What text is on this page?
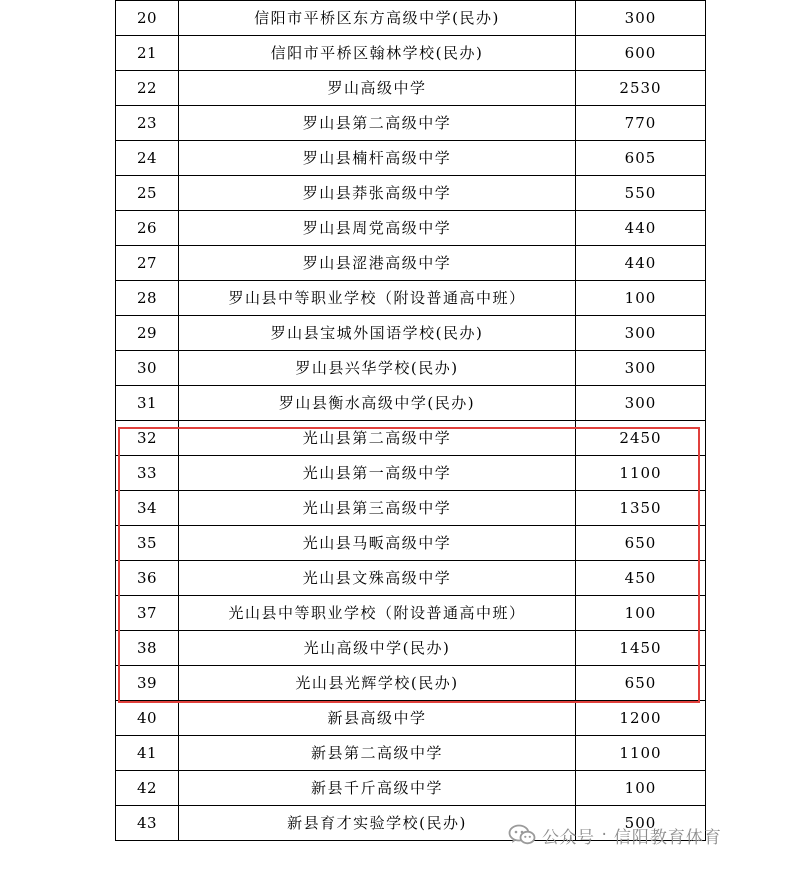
20	信阳市平桥区东方高级中学(民办)	300
21	信阳市平桥区翰林学校(民办)	600
22	罗山高级中学	2530
23	罗山县第二高级中学	770
24	罗山县楠杆高级中学	605
25	罗山县莽张高级中学	550
26	罗山县周党高级中学	440
27	罗山县涩港高级中学	440
28	罗山县中等职业学校（附设普通高中班）	100
29	罗山县宝城外国语学校(民办)	300
30	罗山县兴华学校(民办)	300
31	罗山县衡水高级中学(民办)	300
32	光山县第二高级中学	2450
33	光山县第一高级中学	1100
34	光山县第三高级中学	1350
35	光山县马畈高级中学	650
36	光山县文殊高级中学	450
37	光山县中等职业学校（附设普通高中班）	100
38	光山高级中学(民办)	1450
39	光山县光辉学校(民办)	650
40	新县高级中学	1200
41	新县第二高级中学	1100
42	新县千斤高级中学	100
43	新县育才实验学校(民办)	500
公众号 · 信阳教育体育
